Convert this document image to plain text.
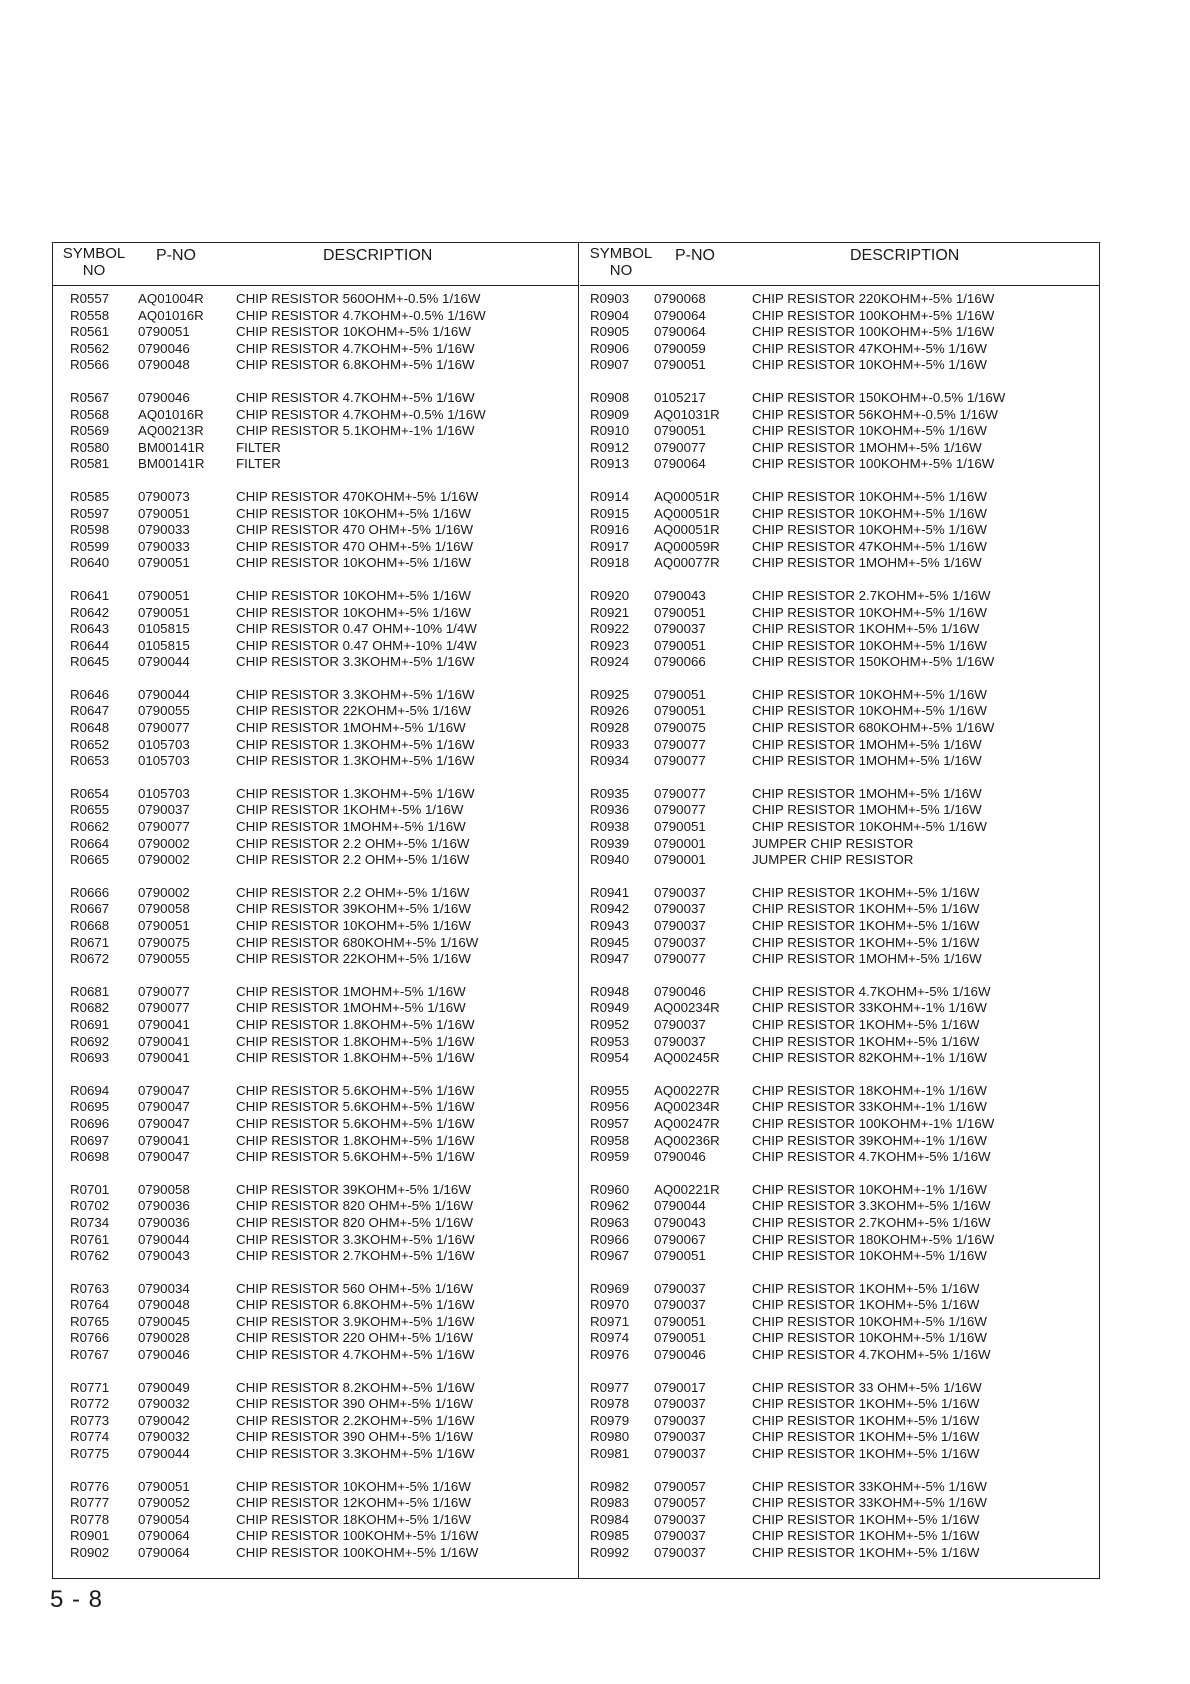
SYMBOL
NO
P-NO	DESCRIPTION
R0557 AQ01004R CHIP RESISTOR 560OHM+-0.5% 1/16W
R0558 AQ01016R CHIP RESISTOR 4.7KOHM+-0.5% 1/16W
R0561 0790051	CHIP RESISTOR 10KOHM+-5% 1/16W
R0562 0790046	CHIP RESISTOR 4.7KOHM+-5% 1/16W
R0566 0790048	CHIP RESISTOR 6.8KOHM+-5% 1/16W
R0567 0790046	CHIP RESISTOR 4.7KOHM+-5% 1/16W
R0568 AQ01016R CHIP RESISTOR 4.7KOHM+-0.5% 1/16W
R0569 AQ00213R CHIP RESISTOR 5.1KOHM+-1% 1/16W
R0580 BM00141R FILTER
R0581 BM00141R FILTER
R0585 0790073	CHIP RESISTOR 470KOHM+-5% 1/16W
R0597 0790051	CHIP RESISTOR 10KOHM+-5% 1/16W
R0598 0790033	CHIP RESISTOR 470 OHM+-5% 1/16W
R0599 0790033	CHIP RESISTOR 470 OHM+-5% 1/16W
R0640 0790051	CHIP RESISTOR 10KOHM+-5% 1/16W
R0641 0790051	CHIP RESISTOR 10KOHM+-5% 1/16W
R0642 0790051	CHIP RESISTOR 10KOHM+-5% 1/16W
R0643 0105815	CHIP RESISTOR 0.47 OHM+-10% 1/4W
R0644 0105815	CHIP RESISTOR 0.47 OHM+-10% 1/4W
R0645 0790044	CHIP RESISTOR 3.3KOHM+-5% 1/16W
R0646 0790044	CHIP RESISTOR 3.3KOHM+-5% 1/16W
R0647 0790055	CHIP RESISTOR 22KOHM+-5% 1/16W
R0648 0790077	CHIP RESISTOR 1MOHM+-5% 1/16W
R0652 0105703	CHIP RESISTOR 1.3KOHM+-5% 1/16W
R0653 0105703	CHIP RESISTOR 1.3KOHM+-5% 1/16W
R0654 0105703	CHIP RESISTOR 1.3KOHM+-5% 1/16W
R0655 0790037	CHIP RESISTOR 1KOHM+-5% 1/16W
R0662 0790077	CHIP RESISTOR 1MOHM+-5% 1/16W
R0664 0790002	CHIP RESISTOR 2.2 OHM+-5% 1/16W
R0665 0790002	CHIP RESISTOR 2.2 OHM+-5% 1/16W
R0666 0790002	CHIP RESISTOR 2.2 OHM+-5% 1/16W
R0667 0790058	CHIP RESISTOR 39KOHM+-5% 1/16W
R0668 0790051	CHIP RESISTOR 10KOHM+-5% 1/16W
R0671 0790075	CHIP RESISTOR 680KOHM+-5% 1/16W
R0672 0790055	CHIP RESISTOR 22KOHM+-5% 1/16W
R0681 0790077	CHIP RESISTOR 1MOHM+-5% 1/16W
R0682 0790077	CHIP RESISTOR 1MOHM+-5% 1/16W
R0691 0790041	CHIP RESISTOR 1.8KOHM+-5% 1/16W
R0692 0790041	CHIP RESISTOR 1.8KOHM+-5% 1/16W
R0693 0790041	CHIP RESISTOR 1.8KOHM+-5% 1/16W
R0694 0790047	CHIP RESISTOR 5.6KOHM+-5% 1/16W
R0695 0790047	CHIP RESISTOR 5.6KOHM+-5% 1/16W
R0696 0790047	CHIP RESISTOR 5.6KOHM+-5% 1/16W
R0697 0790041	CHIP RESISTOR 1.8KOHM+-5% 1/16W
R0698 0790047	CHIP RESISTOR 5.6KOHM+-5% 1/16W
R0701 0790058	CHIP RESISTOR 39KOHM+-5% 1/16W
R0702 0790036	CHIP RESISTOR 820 OHM+-5% 1/16W
R0734 0790036	CHIP RESISTOR 820 OHM+-5% 1/16W
R0761 0790044	CHIP RESISTOR 3.3KOHM+-5% 1/16W
R0762 0790043	CHIP RESISTOR 2.7KOHM+-5% 1/16W
R0763 0790034	CHIP RESISTOR 560 OHM+-5% 1/16W
R0764 0790048	CHIP RESISTOR 6.8KOHM+-5% 1/16W
R0765 0790045	CHIP RESISTOR 3.9KOHM+-5% 1/16W
R0766 0790028	CHIP RESISTOR 220 OHM+-5% 1/16W
R0767 0790046	CHIP RESISTOR 4.7KOHM+-5% 1/16W
R0771 0790049	CHIP RESISTOR 8.2KOHM+-5% 1/16W
R0772 0790032	CHIP RESISTOR 390 OHM+-5% 1/16W
R0773 0790042	CHIP RESISTOR 2.2KOHM+-5% 1/16W
R0774 0790032	CHIP RESISTOR 390 OHM+-5% 1/16W
R0775 0790044	CHIP RESISTOR 3.3KOHM+-5% 1/16W
R0776 0790051	CHIP RESISTOR 10KOHM+-5% 1/16W
R0777 0790052	CHIP RESISTOR 12KOHM+-5% 1/16W
R0778 0790054	CHIP RESISTOR 18KOHM+-5% 1/16W
R0901 0790064	CHIP RESISTOR 100KOHM+-5% 1/16W
R0902 0790064	CHIP RESISTOR 100KOHM+-5% 1/16W
SYMBOL
NO
P-NO	DESCRIPTION
R0903 0790068	CHIP RESISTOR 220KOHM+-5% 1/16W
R0904 0790064	CHIP RESISTOR 100KOHM+-5% 1/16W
R0905 0790064	CHIP RESISTOR 100KOHM+-5% 1/16W
R0906 0790059	CHIP RESISTOR 47KOHM+-5% 1/16W
R0907 0790051	CHIP RESISTOR 10KOHM+-5% 1/16W
R0908 0105217	CHIP RESISTOR 150KOHM+-0.5% 1/16W
R0909 AQ01031R CHIP RESISTOR 56KOHM+-0.5% 1/16W
R0910 0790051	CHIP RESISTOR 10KOHM+-5% 1/16W
R0912 0790077	CHIP RESISTOR 1MOHM+-5% 1/16W
R0913 0790064	CHIP RESISTOR 100KOHM+-5% 1/16W
R0914 AQ00051R CHIP RESISTOR 10KOHM+-5% 1/16W
R0915 AQ00051R CHIP RESISTOR 10KOHM+-5% 1/16W
R0916 AQ00051R CHIP RESISTOR 10KOHM+-5% 1/16W
R0917 AQ00059R CHIP RESISTOR 47KOHM+-5% 1/16W
R0918 AQ00077R CHIP RESISTOR 1MOHM+-5% 1/16W
R0920 0790043	CHIP RESISTOR 2.7KOHM+-5% 1/16W
R0921 0790051	CHIP RESISTOR 10KOHM+-5% 1/16W
R0922 0790037	CHIP RESISTOR 1KOHM+-5% 1/16W
R0923 0790051	CHIP RESISTOR 10KOHM+-5% 1/16W
R0924 0790066	CHIP RESISTOR 150KOHM+-5% 1/16W
R0925 0790051	CHIP RESISTOR 10KOHM+-5% 1/16W
R0926 0790051	CHIP RESISTOR 10KOHM+-5% 1/16W
R0928 0790075	CHIP RESISTOR 680KOHM+-5% 1/16W
R0933 0790077	CHIP RESISTOR 1MOHM+-5% 1/16W
R0934 0790077	CHIP RESISTOR 1MOHM+-5% 1/16W
R0935 0790077	CHIP RESISTOR 1MOHM+-5% 1/16W
R0936 0790077	CHIP RESISTOR 1MOHM+-5% 1/16W
R0938 0790051	CHIP RESISTOR 10KOHM+-5% 1/16W
R0939 0790001	JUMPER CHIP RESISTOR
R0940 0790001	JUMPER CHIP RESISTOR
R0941 0790037	CHIP RESISTOR 1KOHM+-5% 1/16W
R0942 0790037	CHIP RESISTOR 1KOHM+-5% 1/16W
R0943 0790037	CHIP RESISTOR 1KOHM+-5% 1/16W
R0945 0790037	CHIP RESISTOR 1KOHM+-5% 1/16W
R0947 0790077	CHIP RESISTOR 1MOHM+-5% 1/16W
R0948 0790046	CHIP RESISTOR 4.7KOHM+-5% 1/16W
R0949 AQ00234R CHIP RESISTOR 33KOHM+-1% 1/16W
R0952 0790037	CHIP RESISTOR 1KOHM+-5% 1/16W
R0953 0790037	CHIP RESISTOR 1KOHM+-5% 1/16W
R0954 AQ00245R CHIP RESISTOR 82KOHM+-1% 1/16W
R0955 AQ00227R CHIP RESISTOR 18KOHM+-1% 1/16W
R0956 AQ00234R CHIP RESISTOR 33KOHM+-1% 1/16W
R0957 AQ00247R CHIP RESISTOR 100KOHM+-1% 1/16W
R0958 AQ00236R CHIP RESISTOR 39KOHM+-1% 1/16W
R0959 0790046	CHIP RESISTOR 4.7KOHM+-5% 1/16W
R0960 AQ00221R CHIP RESISTOR 10KOHM+-1% 1/16W
R0962 0790044	CHIP RESISTOR 3.3KOHM+-5% 1/16W
R0963 0790043	CHIP RESISTOR 2.7KOHM+-5% 1/16W
R0966 0790067	CHIP RESISTOR 180KOHM+-5% 1/16W
R0967 0790051	CHIP RESISTOR 10KOHM+-5% 1/16W
R0969 0790037	CHIP RESISTOR 1KOHM+-5% 1/16W
R0970 0790037	CHIP RESISTOR 1KOHM+-5% 1/16W
R0971 0790051	CHIP RESISTOR 10KOHM+-5% 1/16W
R0974 0790051	CHIP RESISTOR 10KOHM+-5% 1/16W
R0976 0790046	CHIP RESISTOR 4.7KOHM+-5% 1/16W
R0977 0790017	CHIP RESISTOR 33 OHM+-5% 1/16W
R0978 0790037	CHIP RESISTOR 1KOHM+-5% 1/16W
R0979 0790037	CHIP RESISTOR 1KOHM+-5% 1/16W
R0980 0790037	CHIP RESISTOR 1KOHM+-5% 1/16W
R0981 0790037	CHIP RESISTOR 1KOHM+-5% 1/16W
R0982 0790057	CHIP RESISTOR 33KOHM+-5% 1/16W
R0983 0790057	CHIP RESISTOR 33KOHM+-5% 1/16W
R0984 0790037	CHIP RESISTOR 1KOHM+-5% 1/16W
R0985 0790037	CHIP RESISTOR 1KOHM+-5% 1/16W
R0992 0790037	CHIP RESISTOR 1KOHM+-5% 1/16W
5 - 8
